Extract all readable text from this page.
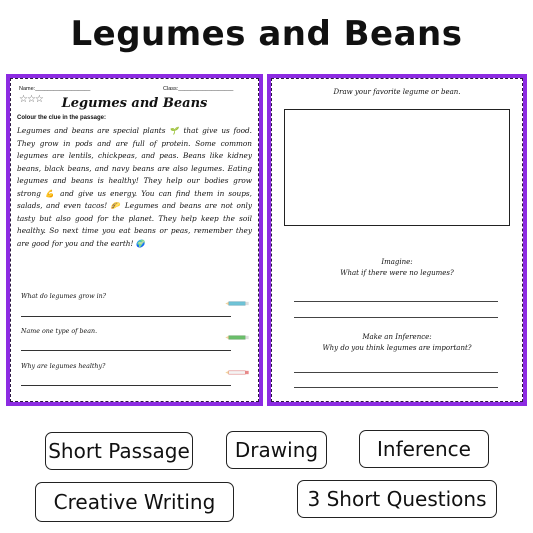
Legumes and Beans
Name:__________________	Class:__________________
☆☆☆	Legumes and Beans
Colour the clue in the passage:
Legumes and beans are special plants 🌱 that give us food. They grow in pods and are full of protein. Some common legumes are lentils, chickpeas, and peas. Beans like kidney beans, black beans, and navy beans are also legumes. Eating legumes and beans is healthy! They help our bodies grow strong 💪 and give us energy. You can find them in soups, salads, and even tacos! 🌮 Legumes and beans are not only tasty but also good for the planet. They help keep the soil healthy. So next time you eat beans or peas, remember they are good for you and the earth! 🌍
What do legumes grow in?
Name one type of bean.
Why are legumes healthy?
Draw your favorite legume or bean.
Imagine:
What if there were no legumes?
Make an Inference:
Why do you think legumes are important?
Short Passage	Drawing	Inference
Creative Writing	3 Short Questions
